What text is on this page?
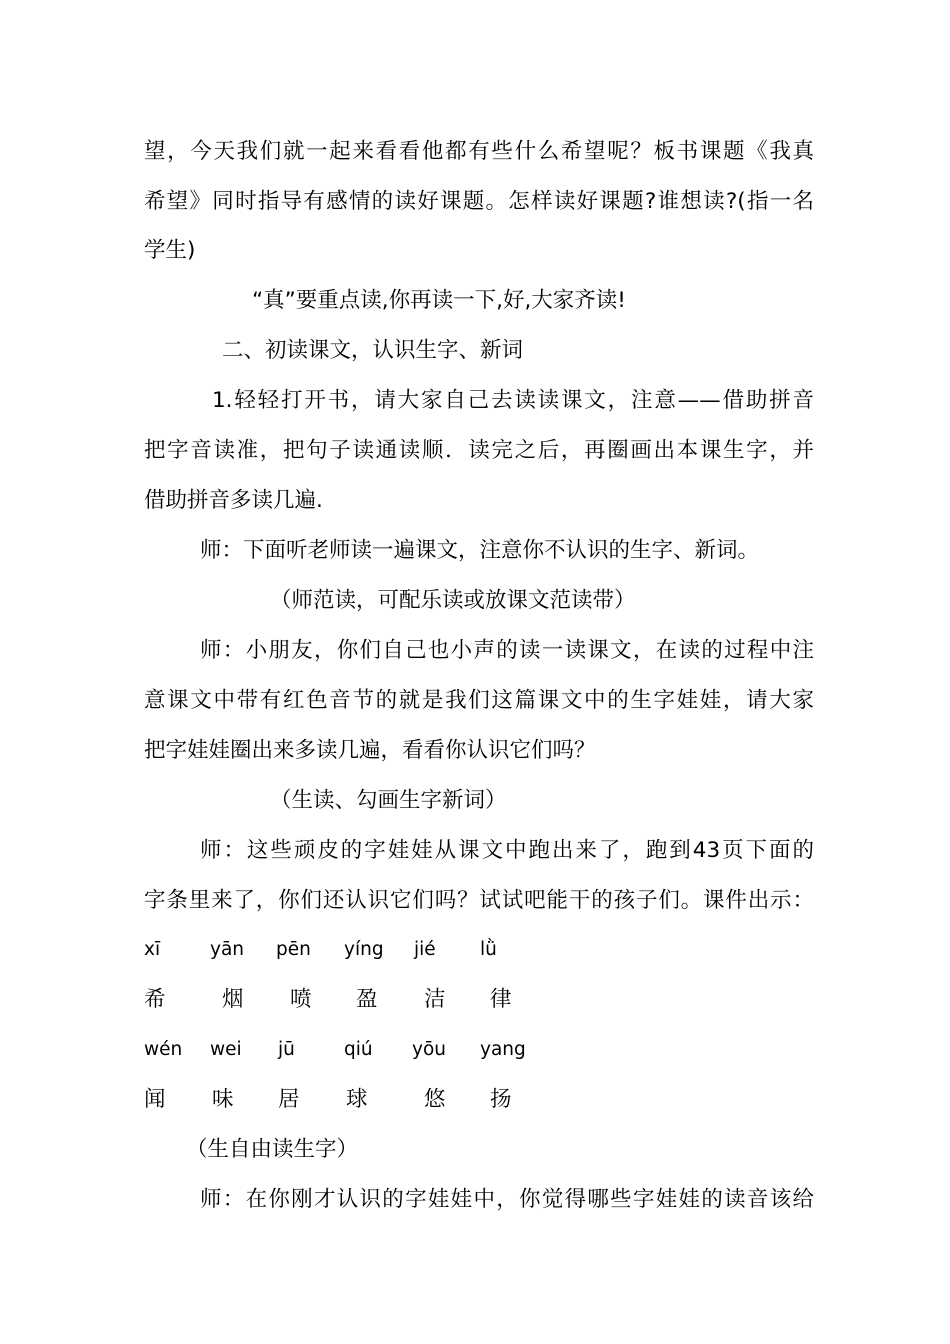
望，今天我们就一起来看看他都有些什么希望呢？板书课题《我真
希望》同时指导有感情的读好课题。怎样读好课题?谁想读?(指一名
学生)
“真”要重点读,你再读一下,好,大家齐读!
二、初读课文，认识生字、新词
1.轻轻打开书，请大家自己去读读课文，注意——借助拼音
把字音读准，把句子读通读顺．读完之后，再圈画出本课生字，并
借助拼音多读几遍.
师：下面听老师读一遍课文，注意你不认识的生字、新词。
（师范读，可配乐读或放课文范读带）
师：小朋友，你们自己也小声的读一读课文，在读的过程中注
意课文中带有红色音节的就是我们这篇课文中的生字娃娃，请大家
把字娃娃圈出来多读几遍，看看你认识它们吗？
（生读、勾画生字新词）
师：这些顽皮的字娃娃从课文中跑出来了，跑到43页下面的
字条里来了，你们还认识它们吗？试试吧能干的孩子们。课件出示：
xī	yān pēn yíng jié lǜ
希	烟 喷 盈 洁 律
wén wei jū	qiú yōu yang
闻 味 居 球	悠 扬
（生自由读生字）
师：在你刚才认识的字娃娃中，你觉得哪些字娃娃的读音该给
